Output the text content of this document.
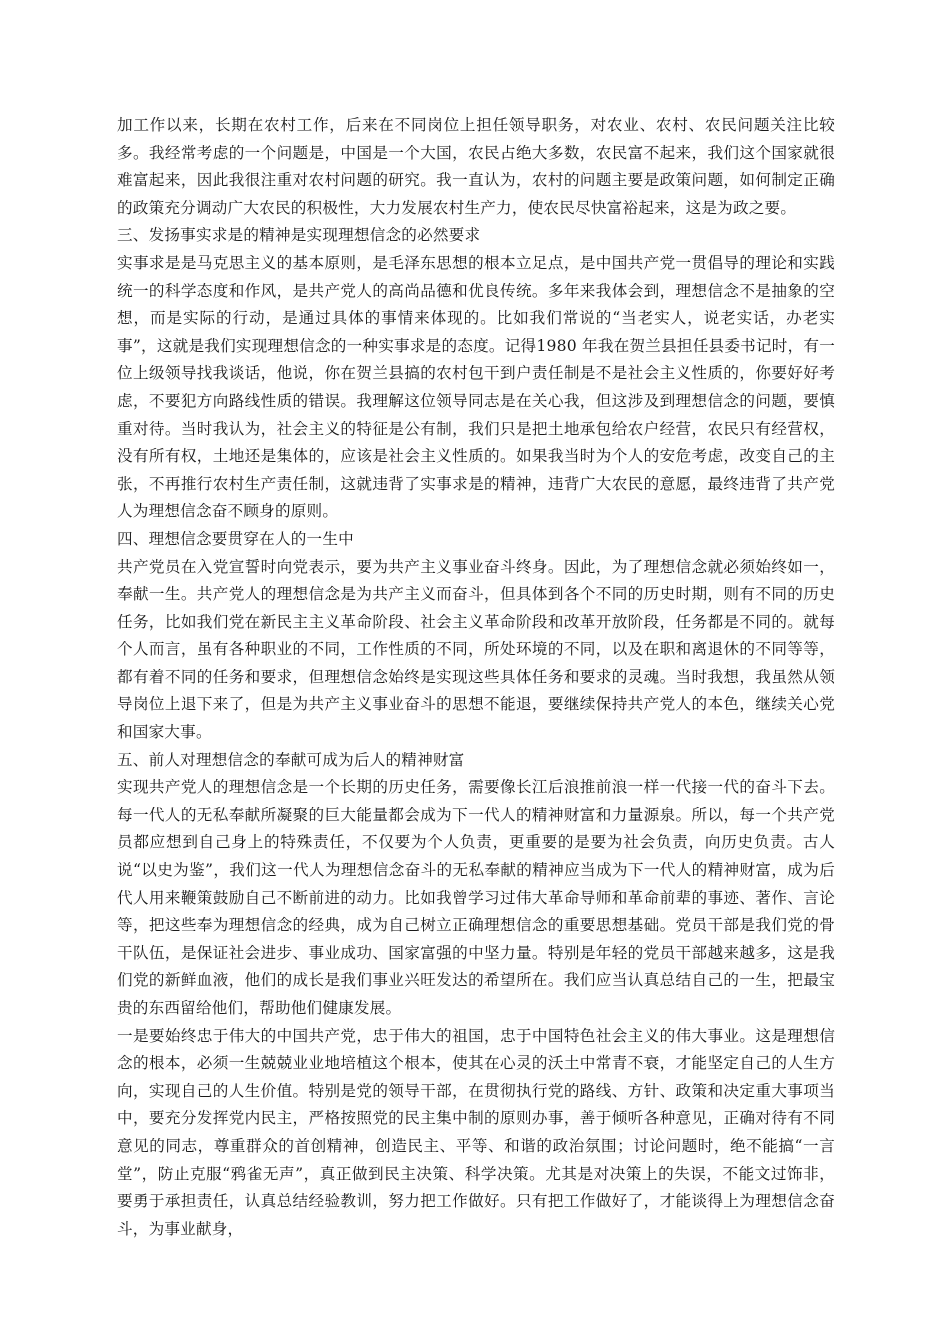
加工作以来，长期在农村工作，后来在不同岗位上担任领导职务，对农业、农村、农民问题关注比较多。我经常考虑的一个问题是，中国是一个大国，农民占绝大多数，农民富不起来，我们这个国家就很难富起来，因此我很注重对农村问题的研究。我一直认为，农村的问题主要是政策问题，如何制定正确的政策充分调动广大农民的积极性，大力发展农村生产力，使农民尽快富裕起来，这是为政之要。

三、发扬事实求是的精神是实现理想信念的必然要求

实事求是是马克思主义的基本原则，是毛泽东思想的根本立足点，是中国共产党一贯倡导的理论和实践统一的科学态度和作风，是共产党人的高尚品德和优良传统。多年来我体会到，理想信念不是抽象的空想，而是实际的行动，是通过具体的事情来体现的。比如我们常说的“当老实人，说老实话，办老实事”，这就是我们实现理想信念的一种实事求是的态度。记得1980 年我在贺兰县担任县委书记时，有一位上级领导找我谈话，他说，你在贺兰县搞的农村包干到户责任制是不是社会主义性质的，你要好好考虑，不要犯方向路线性质的错误。我理解这位领导同志是在关心我，但这涉及到理想信念的问题，要慎重对待。当时我认为，社会主义的特征是公有制，我们只是把土地承包给农户经营，农民只有经营权，没有所有权，土地还是集体的，应该是社会主义性质的。如果我当时为个人的安危考虑，改变自己的主张，不再推行农村生产责任制，这就违背了实事求是的精神，违背广大农民的意愿，最终违背了共产党人为理想信念奋不顾身的原则。

四、理想信念要贯穿在人的一生中

共产党员在入党宣誓时向党表示，要为共产主义事业奋斗终身。因此，为了理想信念就必须始终如一，奉献一生。共产党人的理想信念是为共产主义而奋斗，但具体到各个不同的历史时期，则有不同的历史任务，比如我们党在新民主主义革命阶段、社会主义革命阶段和改革开放阶段，任务都是不同的。就每个人而言，虽有各种职业的不同，工作性质的不同，所处环境的不同，以及在职和离退休的不同等等，都有着不同的任务和要求，但理想信念始终是实现这些具体任务和要求的灵魂。当时我想，我虽然从领导岗位上退下来了，但是为共产主义事业奋斗的思想不能退，要继续保持共产党人的本色，继续关心党和国家大事。

五、前人对理想信念的奉献可成为后人的精神财富

实现共产党人的理想信念是一个长期的历史任务，需要像长江后浪推前浪一样一代接一代的奋斗下去。每一代人的无私奉献所凝聚的巨大能量都会成为下一代人的精神财富和力量源泉。所以，每一个共产党员都应想到自己身上的特殊责任，不仅要为个人负责，更重要的是要为社会负责，向历史负责。古人说“以史为鉴”，我们这一代人为理想信念奋斗的无私奉献的精神应当成为下一代人的精神财富，成为后代人用来鞭策鼓励自己不断前进的动力。比如我曾学习过伟大革命导师和革命前辈的事迹、著作、言论等，把这些奉为理想信念的经典，成为自己树立正确理想信念的重要思想基础。党员干部是我们党的骨干队伍，是保证社会进步、事业成功、国家富强的中坚力量。特别是年轻的党员干部越来越多，这是我们党的新鲜血液，他们的成长是我们事业兴旺发达的希望所在。我们应当认真总结自己的一生，把最宝贵的东西留给他们，帮助他们健康发展。

一是要始终忠于伟大的中国共产党，忠于伟大的祖国，忠于中国特色社会主义的伟大事业。这是理想信念的根本，必须一生兢兢业业地培植这个根本，使其在心灵的沃土中常青不衰，才能坚定自己的人生方向，实现自己的人生价值。特别是党的领导干部，在贯彻执行党的路线、方针、政策和决定重大事项当中，要充分发挥党内民主，严格按照党的民主集中制的原则办事，善于倾听各种意见，正确对待有不同意见的同志，尊重群众的首创精神，创造民主、平等、和谐的政治氛围；讨论问题时，绝不能搞“一言堂”，防止克服“鸦雀无声”，真正做到民主决策、科学决策。尤其是对决策上的失误，不能文过饰非，要勇于承担责任，认真总结经验教训，努力把工作做好。只有把工作做好了，才能谈得上为理想信念奋斗，为事业献身，
